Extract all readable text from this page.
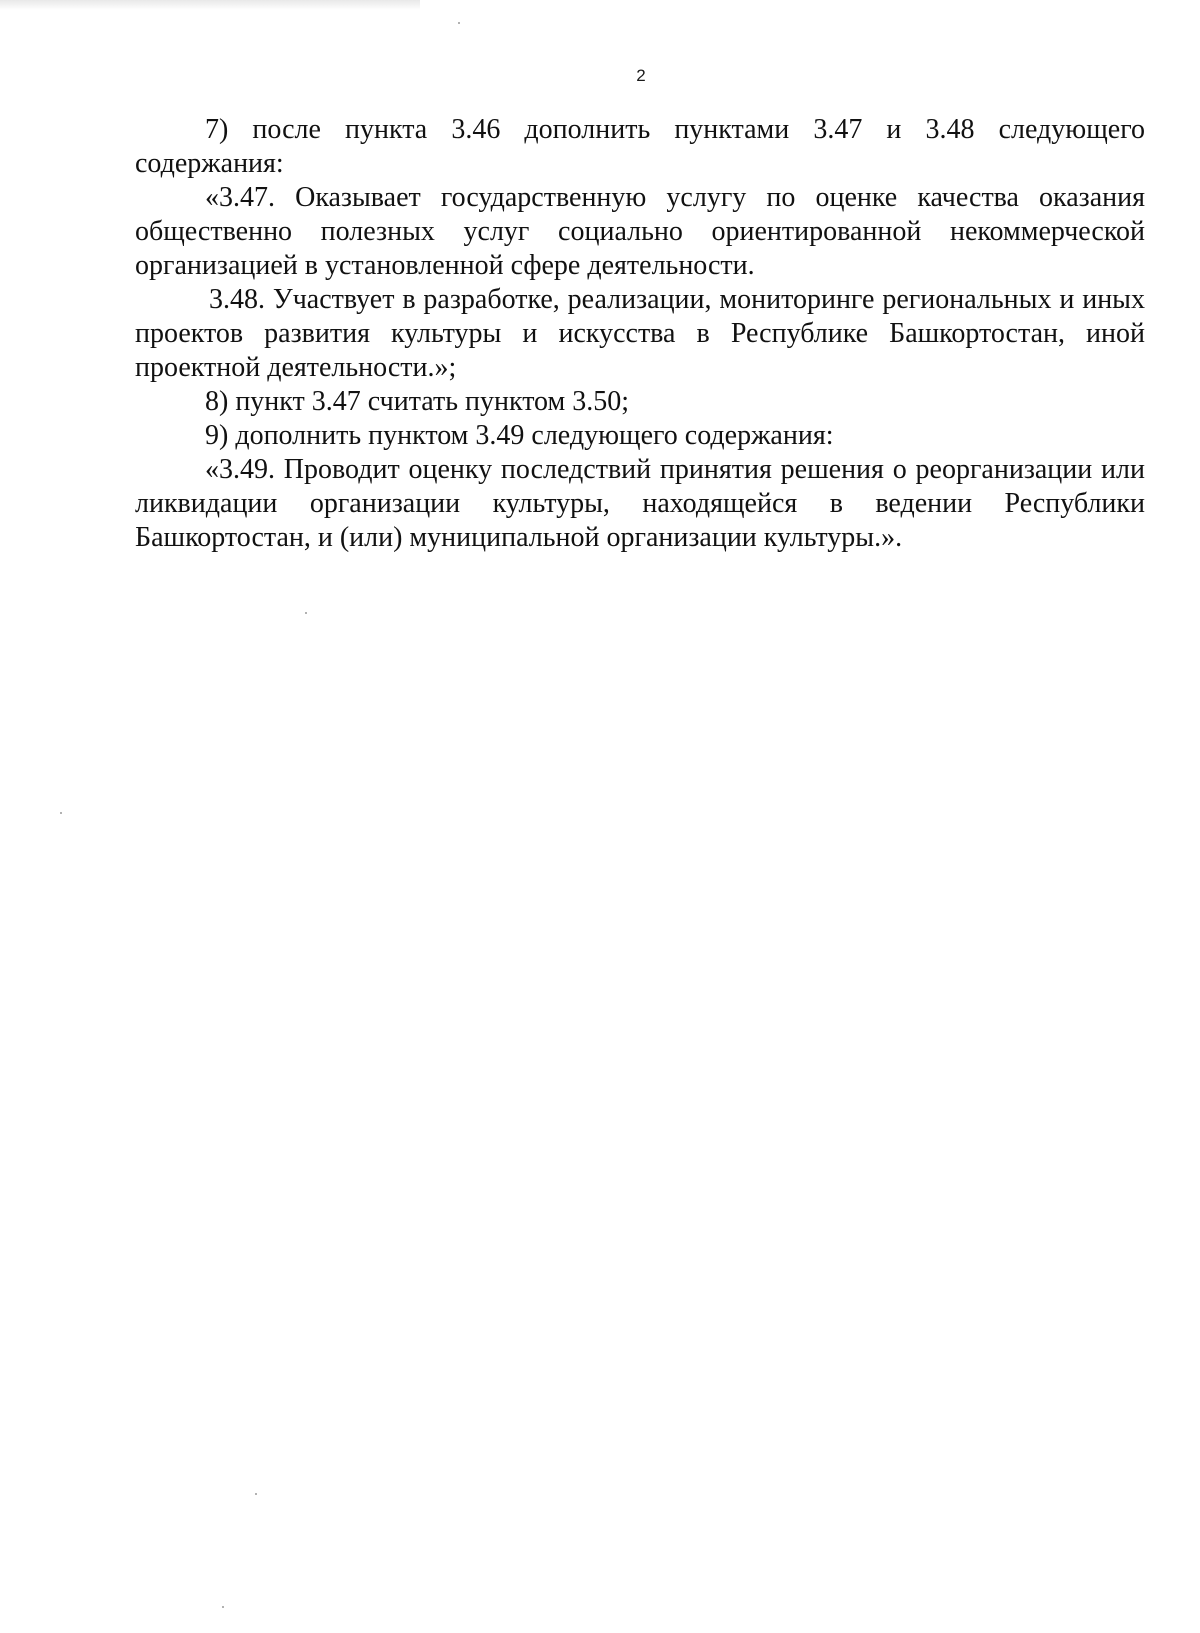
2

7) после пункта 3.46 дополнить пунктами 3.47 и 3.48 следующего содержания:

«3.47. Оказывает государственную услугу по оценке качества оказания общественно полезных услуг социально ориентированной некоммерческой организацией в установленной сфере деятельности.

3.48. Участвует в разработке, реализации, мониторинге региональных и иных проектов развития культуры и искусства в Республике Башкортостан, иной проектной деятельности.»;

8) пункт 3.47 считать пунктом 3.50;

9) дополнить пунктом 3.49 следующего содержания:

«3.49. Проводит оценку последствий принятия решения о реорганизации или ликвидации организации культуры, находящейся в ведении Республики Башкортостан, и (или) муниципальной организации культуры.».
